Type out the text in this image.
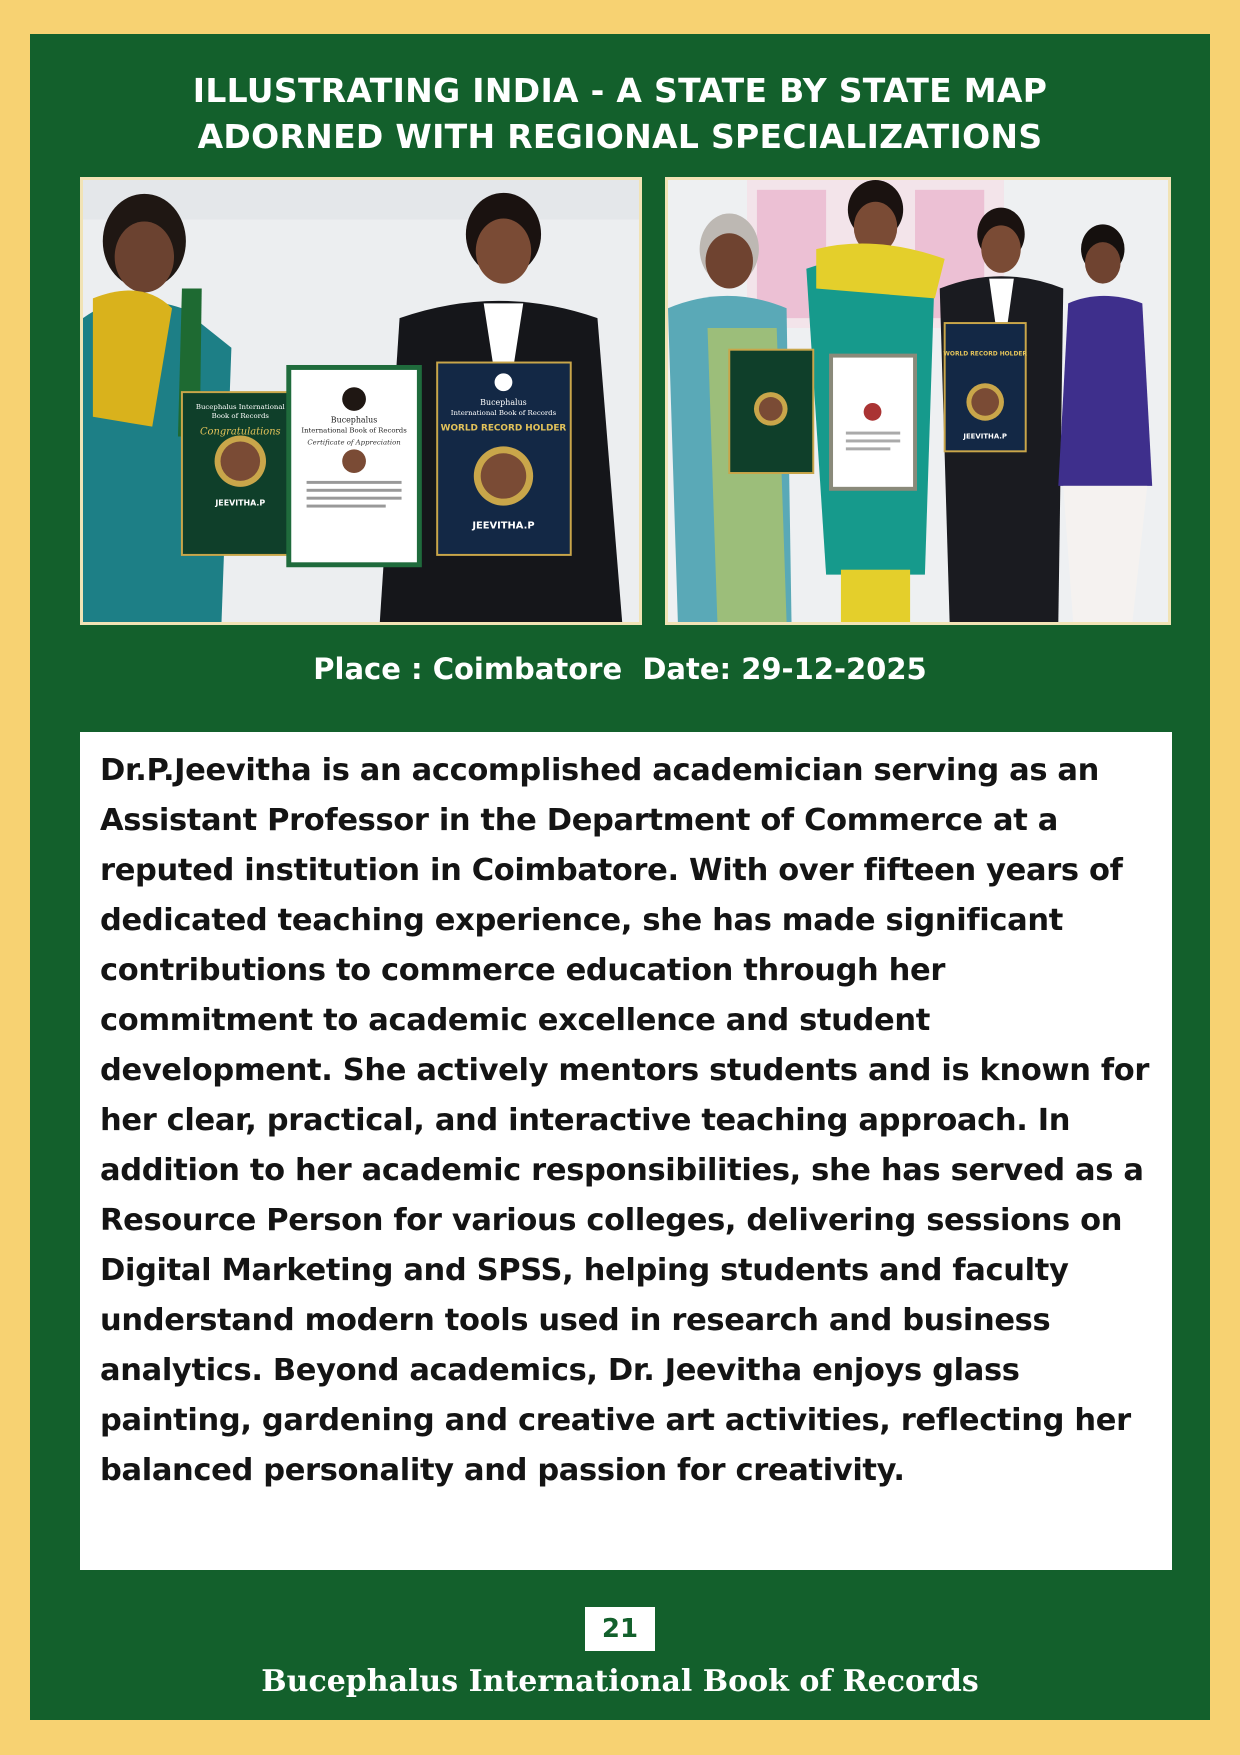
ILLUSTRATING INDIA - A STATE BY STATE MAP
ADORNED WITH REGIONAL SPECIALIZATIONS
Bucephalus International
Book of Records
Congratulations
JEEVITHA.P
Bucephalus
International Book of Records
Certificate of Appreciation
Bucephalus
International Book of Records
WORLD RECORD HOLDER
JEEVITHA.P
WORLD RECORD HOLDER
JEEVITHA.P
Place : Coimbatore  Date: 29-12-2025

Dr.P.Jeevitha is an accomplished academician serving as an Assistant Professor in the Department of Commerce at a reputed institution in Coimbatore. With over fifteen years of dedicated teaching experience, she has made significant contributions to commerce education through her commitment to academic excellence and student development. She actively mentors students and is known for her clear, practical, and interactive teaching approach. In addition to her academic responsibilities, she has served as a Resource Person for various colleges, delivering sessions on Digital Marketing and SPSS, helping students and faculty understand modern tools used in research and business analytics. Beyond academics, Dr. Jeevitha enjoys glass painting, gardening and creative art activities, reflecting her balanced personality and passion for creativity.

21
Bucephalus International Book of Records
